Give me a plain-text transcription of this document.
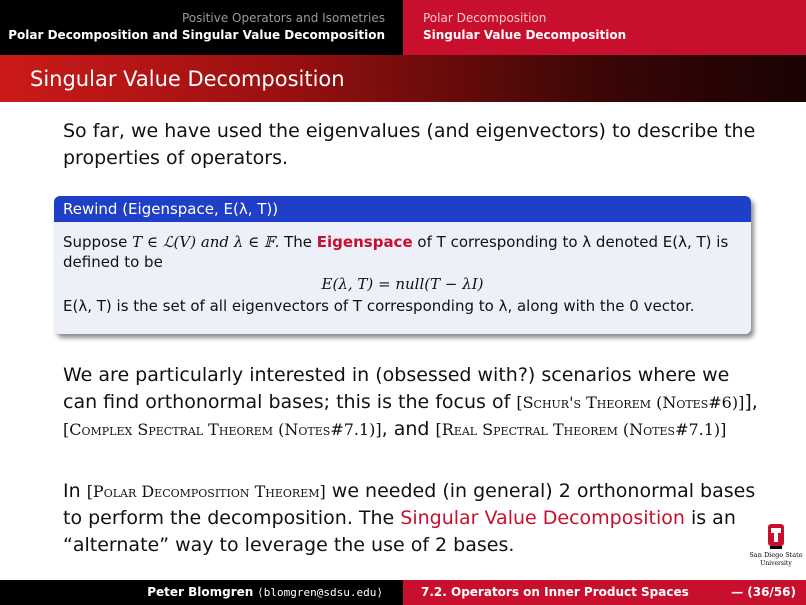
Positive Operators and Isometries
Polar Decomposition and Singular Value Decomposition
Polar Decomposition
Singular Value Decomposition
Singular Value Decomposition
So far, we have used the eigenvalues (and eigenvectors) to describe the properties of operators.
Rewind (Eigenspace, E(λ, T))
Suppose T ∈ ℒ(V) and λ ∈ 𝔽. The Eigenspace of T corresponding to λ denoted E(λ, T) is defined to be
E(λ, T) = null(T − λI)
E(λ, T) is the set of all eigenvectors of T corresponding to λ, along with the 0 vector.
We are particularly interested in (obsessed with?) scenarios where we can find orthonormal bases; this is the focus of [Schur's Theorem (Notes#6)]], [Complex Spectral Theorem (Notes#7.1)], and [Real Spectral Theorem (Notes#7.1)]
In [Polar Decomposition Theorem] we needed (in general) 2 orthonormal bases to perform the decomposition. The Singular Value Decomposition is an “alternate” way to leverage the use of 2 bases.	San Diego State
University
Peter Blomgren ⟨blomgren@sdsu.edu⟩	7.2. Operators on Inner Product Spaces	— (36/56)
